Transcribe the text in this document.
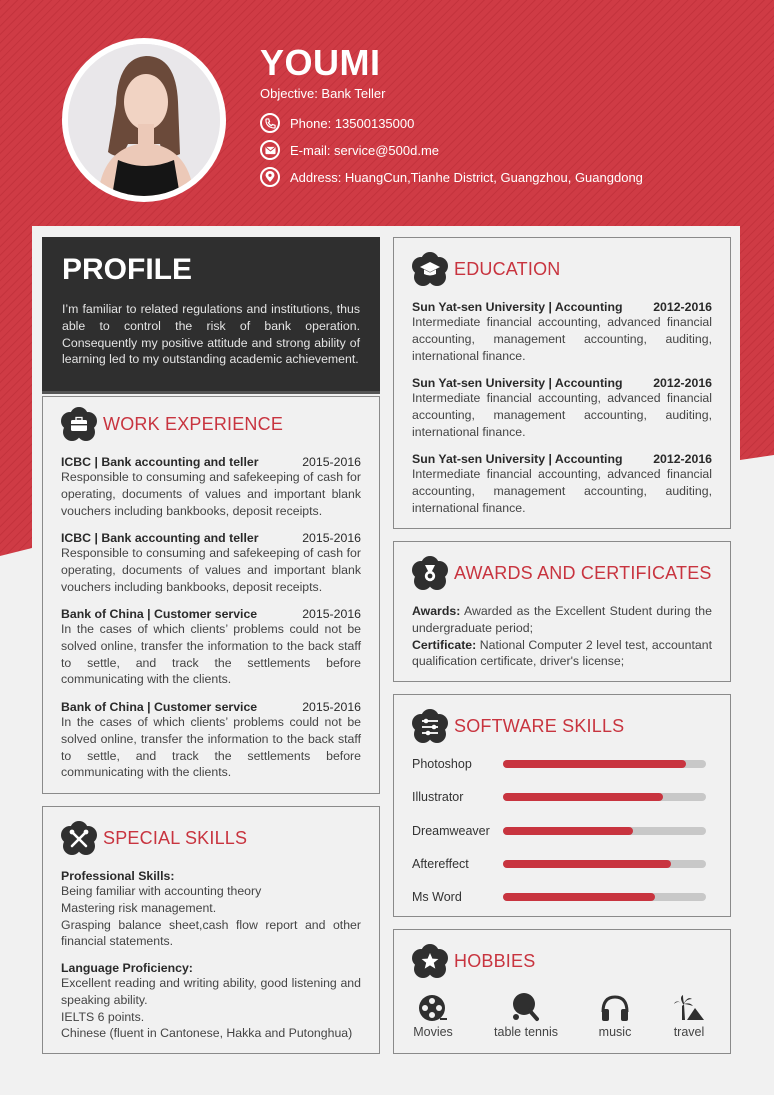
YOUMI
Objective: Bank Teller
Phone: 13500135000
E-mail: service@500d.me
Address: HuangCun,Tianhe District, Guangzhou, Guangdong
PROFILE

I’m familiar to related regulations and institutions, thus able to control the risk of bank operation. Consequently my positive attitude and strong ability of learning led to my outstanding academic achievement.

WORK EXPERIENCE
ICBC | Bank accounting and teller	2015-2016
Responsible to consuming and safekeeping of cash for operating, documents of values and important blank vouchers including bankbooks, deposit receipts.
ICBC | Bank accounting and teller	2015-2016
Responsible to consuming and safekeeping of cash for operating, documents of values and important blank vouchers including bankbooks, deposit receipts.
Bank of China | Customer service	2015-2016
In the cases of which clients’ problems could not be solved online, transfer the information to the back staff to settle, and track the settlements before communicating with the clients.
Bank of China | Customer service	2015-2016
In the cases of which clients’ problems could not be solved online, transfer the information to the back staff to settle, and track the settlements before communicating with the clients.
SPECIAL SKILLS
Professional Skills:
Being familiar with accounting theory
Mastering risk management.
Grasping balance sheet,cash flow report and other financial statements.
Language Proficiency:
Excellent reading and writing ability, good listening and speaking ability.
IELTS 6 points.
Chinese (fluent in Cantonese, Hakka and Putonghua)
EDUCATION
Sun Yat-sen University | Accounting 2012-2016
Intermediate financial accounting, advanced financial accounting, management accounting, auditing, international finance.
Sun Yat-sen University | Accounting 2012-2016
Intermediate financial accounting, advanced financial accounting, management accounting, auditing, international finance.
Sun Yat-sen University | Accounting 2012-2016
Intermediate financial accounting, advanced financial accounting, management accounting, auditing, international finance.
AWARDS AND CERTIFICATES
Awards: Awarded as the Excellent Student during the undergraduate period;
Certificate: National Computer 2 level test, accountant qualification certificate, driver's license;
SOFTWARE SKILLS
Photoshop
Illustrator
Dreamweaver
Aftereffect
Ms Word
HOBBIES
Movies	table tennis	music	travel
